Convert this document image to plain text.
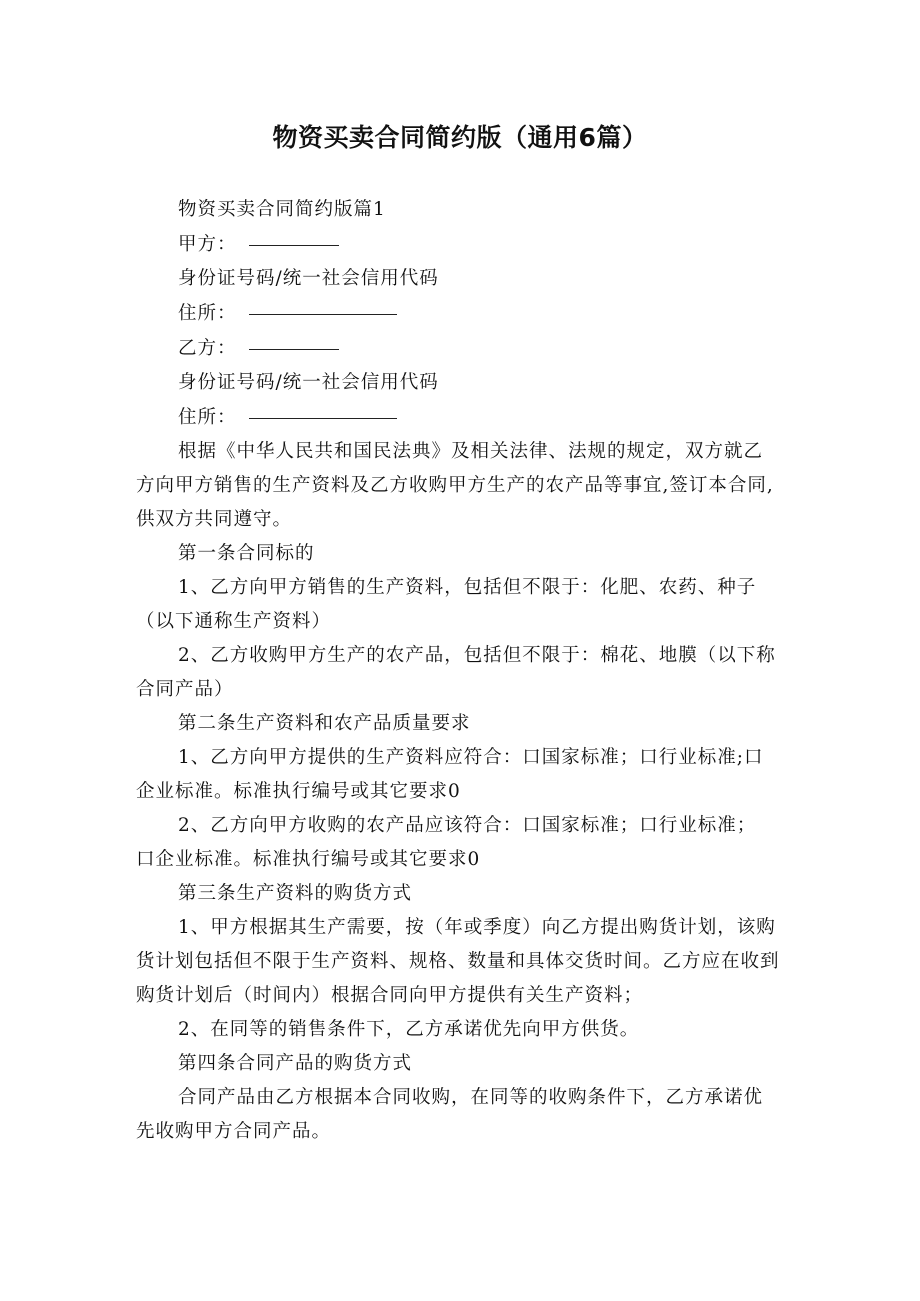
物资买卖合同简约版（通用6篇）

物资买卖合同简约版篇1

甲方：

身份证号码/统一社会信用代码

住所：

乙方：

身份证号码/统一社会信用代码

住所：

根据《中华人民共和国民法典》及相关法律、法规的规定，双方就乙

方向甲方销售的生产资料及乙方收购甲方生产的农产品等事宜,签订本合同,

供双方共同遵守。

第一条合同标的

1、乙方向甲方销售的生产资料，包括但不限于：化肥、农药、种子

（以下通称生产资料）

2、乙方收购甲方生产的农产品，包括但不限于：棉花、地膜（以下称

合同产品）

第二条生产资料和农产品质量要求

1、乙方向甲方提供的生产资料应符合：口国家标准；口行业标准;口

企业标准。标准执行编号或其它要求0

2、乙方向甲方收购的农产品应该符合：口国家标准；口行业标准；

口企业标准。标准执行编号或其它要求0

第三条生产资料的购货方式

1、甲方根据其生产需要，按（年或季度）向乙方提出购货计划，该购

货计划包括但不限于生产资料、规格、数量和具体交货时间。乙方应在收到

购货计划后（时间内）根据合同向甲方提供有关生产资料；

2、在同等的销售条件下，乙方承诺优先向甲方供货。

第四条合同产品的购货方式

合同产品由乙方根据本合同收购，在同等的收购条件下，乙方承诺优

先收购甲方合同产品。
